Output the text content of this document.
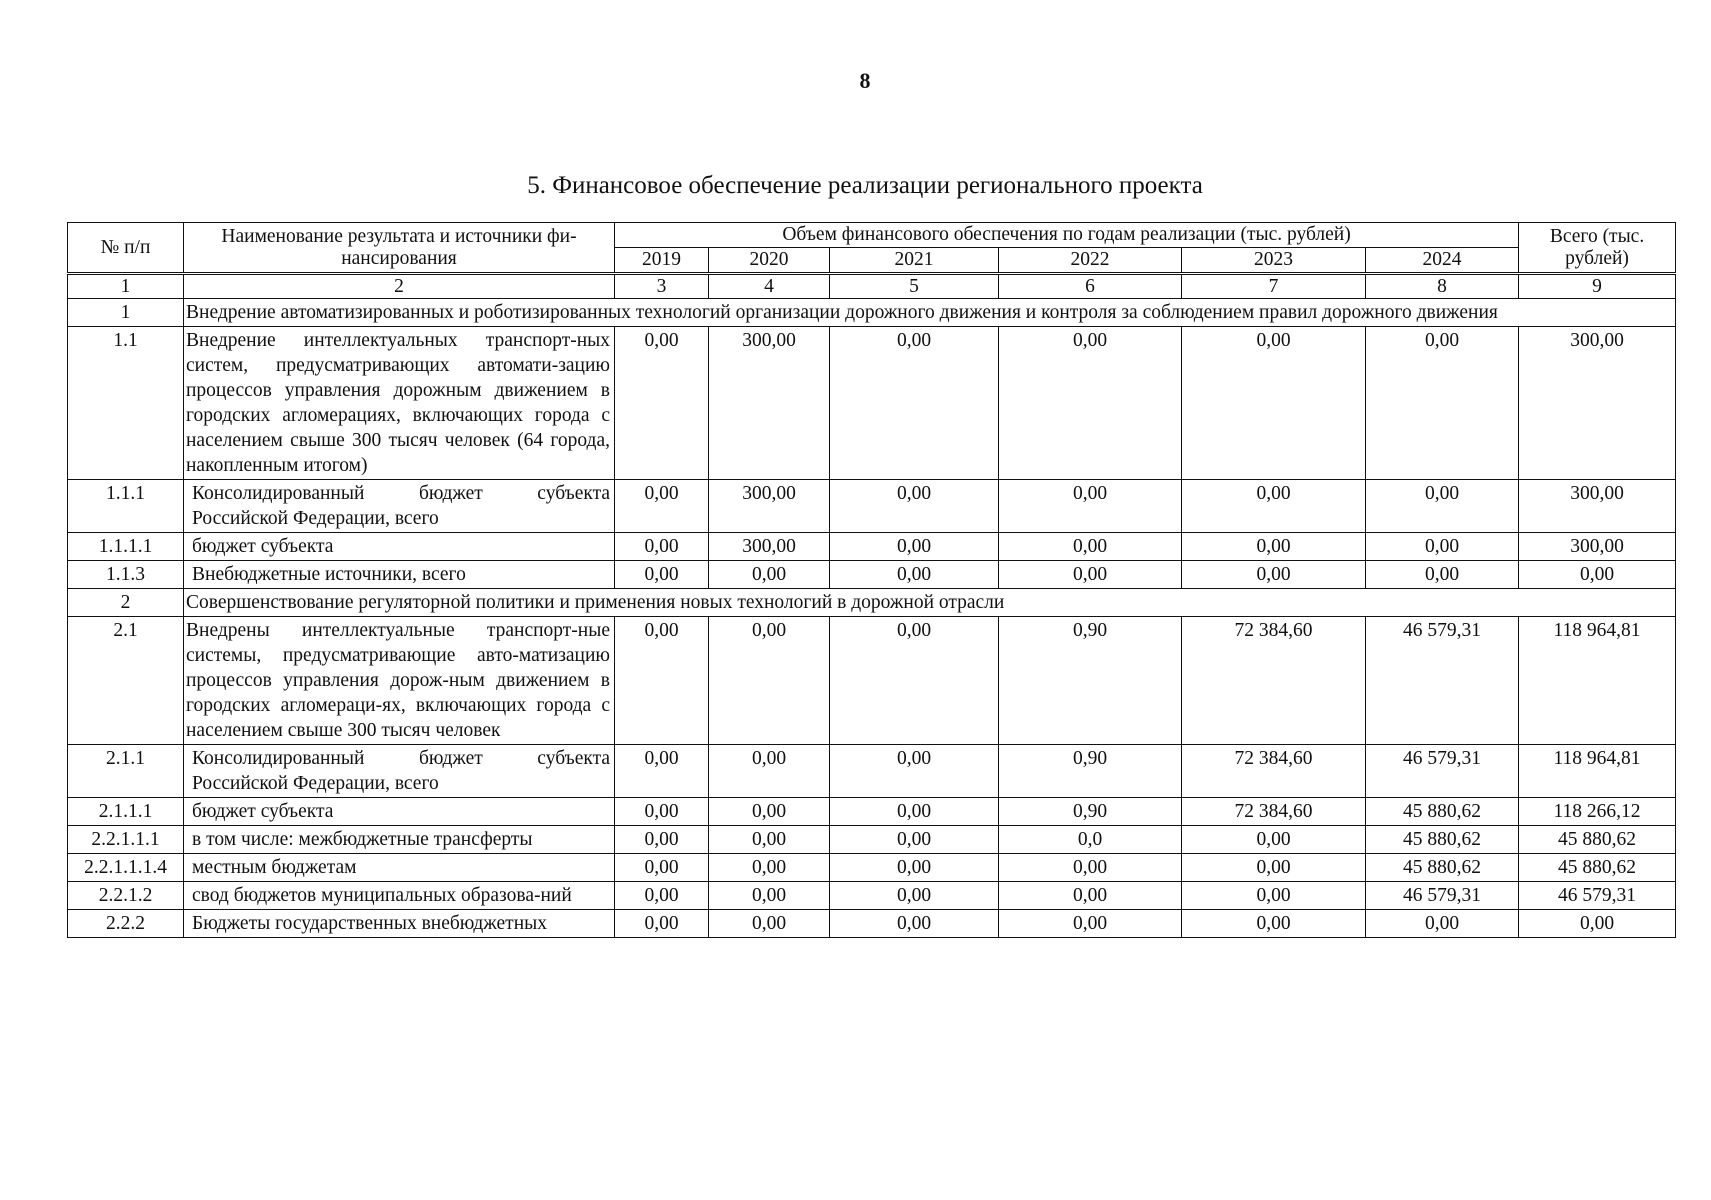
8
5. Финансовое обеспечение реализации регионального проекта
№ п/п	Наименование результата и источники фи-нансирования	Объем финансового обеспечения по годам реализации (тыс. рублей)						Всего (тыс. рублей)
		2019	2020	2021	2022	2023	2024	
1	2	3	4	5	6	7	8	9
1	Внедрение автоматизированных и роботизированных технологий организации дорожного движения и контроля за соблюдением правил дорожного движения							
1.1	Внедрение интеллектуальных транспорт-ных систем, предусматривающих автомати-зацию процессов управления дорожным движением в городских агломерациях, включающих города с населением свыше 300 тысяч человек (64 города, накопленным итогом)	0,00	300,00	0,00	0,00	0,00	0,00	300,00
1.1.1	Консолидированный бюджет субъекта Российской Федерации, всего	0,00	300,00	0,00	0,00	0,00	0,00	300,00
1.1.1.1	бюджет субъекта	0,00	300,00	0,00	0,00	0,00	0,00	300,00
1.1.3	Внебюджетные источники, всего	0,00	0,00	0,00	0,00	0,00	0,00	0,00
2	Совершенствование регуляторной политики и применения новых технологий в дорожной отрасли							
2.1	Внедрены интеллектуальные транспорт-ные системы, предусматривающие авто-матизацию процессов управления дорож-ным движением в городских агломераци-ях, включающих города с населением свыше 300 тысяч человек	0,00	0,00	0,00	0,90	72 384,60	46 579,31	118 964,81
2.1.1	Консолидированный бюджет субъекта Российской Федерации, всего	0,00	0,00	0,00	0,90	72 384,60	46 579,31	118 964,81
2.1.1.1	бюджет субъекта	0,00	0,00	0,00	0,90	72 384,60	45 880,62	118 266,12
2.2.1.1.1	в том числе: межбюджетные трансферты	0,00	0,00	0,00	0,0	0,00	45 880,62	45 880,62
2.2.1.1.1.4	местным бюджетам	0,00	0,00	0,00	0,00	0,00	45 880,62	45 880,62
2.2.1.2	свод бюджетов муниципальных образова-ний	0,00	0,00	0,00	0,00	0,00	46 579,31	46 579,31
2.2.2	Бюджеты государственных внебюджетных	0,00	0,00	0,00	0,00	0,00	0,00	0,00
